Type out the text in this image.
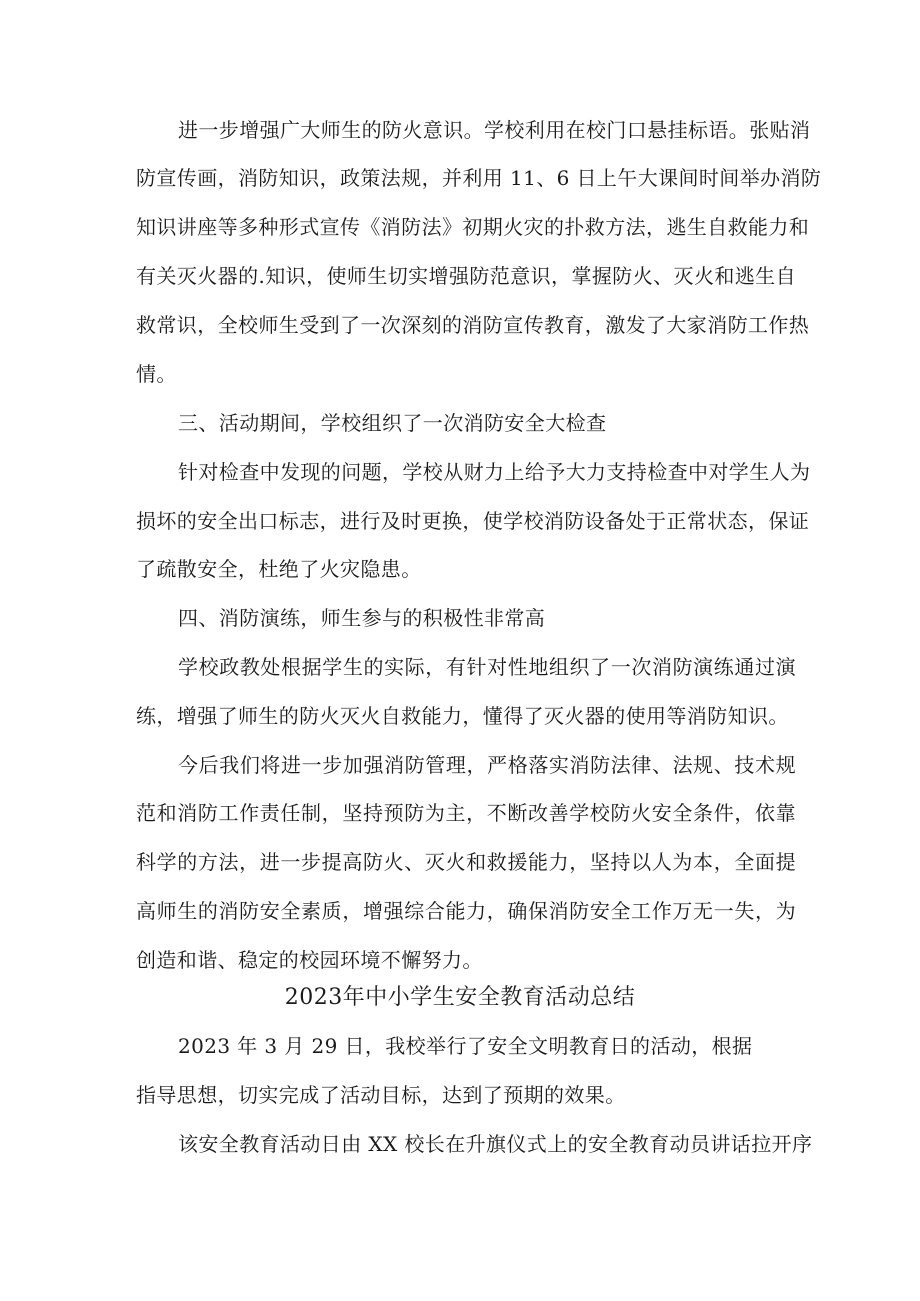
进一步增强广大师生的防火意识。学校利用在校门口悬挂标语。张贴消
防宣传画，消防知识，政策法规，并利用 11、6 日上午大课间时间举办消防
知识讲座等多种形式宣传《消防法》初期火灾的扑救方法，逃生自救能力和
有关灭火器的.知识，使师生切实增强防范意识，掌握防火、灭火和逃生自
救常识，全校师生受到了一次深刻的消防宣传教育，激发了大家消防工作热
情。
三、活动期间，学校组织了一次消防安全大检查
针对检查中发现的问题，学校从财力上给予大力支持检查中对学生人为
损坏的安全出口标志，进行及时更换，使学校消防设备处于正常状态，保证
了疏散安全，杜绝了火灾隐患。
四、消防演练，师生参与的积极性非常高
学校政教处根据学生的实际，有针对性地组织了一次消防演练通过演
练，增强了师生的防火灭火自救能力，懂得了灭火器的使用等消防知识。
今后我们将进一步加强消防管理，严格落实消防法律、法规、技术规
范和消防工作责任制，坚持预防为主，不断改善学校防火安全条件，依靠
科学的方法，进一步提高防火、灭火和救援能力，坚持以人为本，全面提
高师生的消防安全素质，增强综合能力，确保消防安全工作万无一失，为
创造和谐、稳定的校园环境不懈努力。
2023年中小学生安全教育活动总结
2023 年 3 月 29 日，我校举行了安全文明教育日的活动，根据
指导思想，切实完成了活动目标，达到了预期的效果。
该安全教育活动日由 XX 校长在升旗仪式上的安全教育动员讲话拉开序
